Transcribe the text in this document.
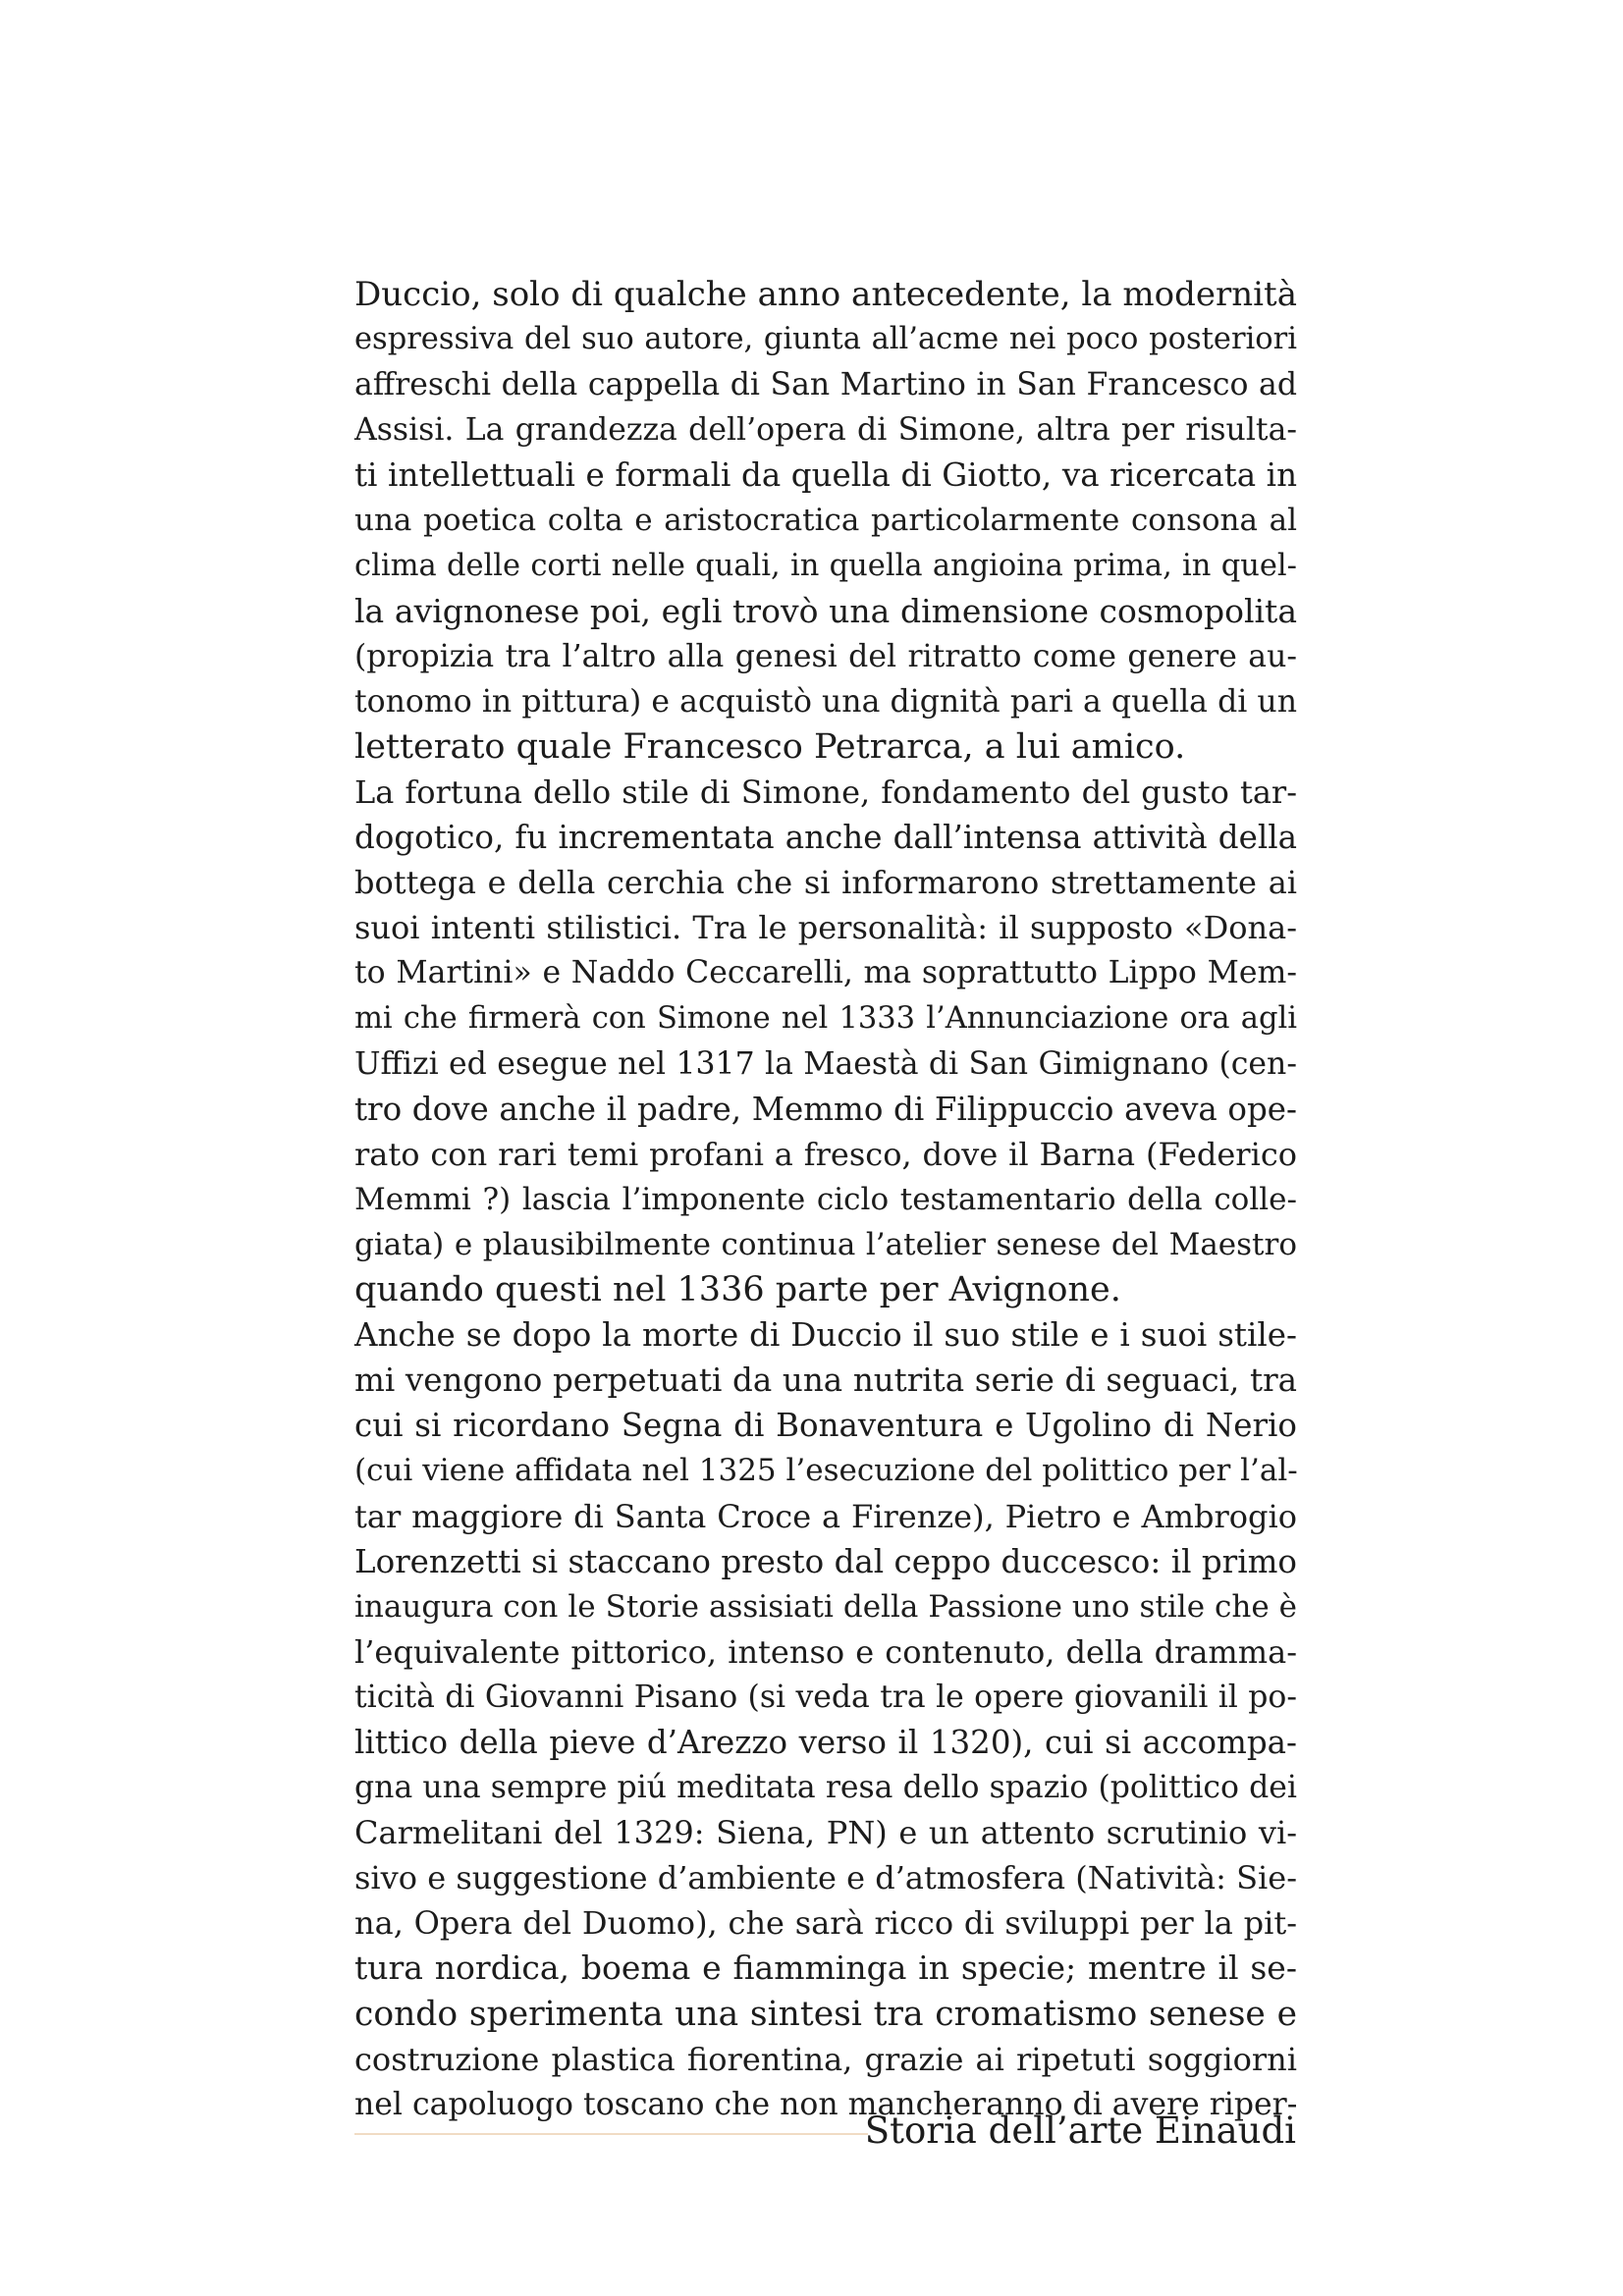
Duccio, solo di qualche anno antecedente, la modernità
espressiva del suo autore, giunta all’acme nei poco posteriori
affreschi della cappella di San Martino in San Francesco ad
Assisi. La grandezza dell’opera di Simone, altra per risulta-
ti intellettuali e formali da quella di Giotto, va ricercata in
una poetica colta e aristocratica particolarmente consona al
clima delle corti nelle quali, in quella angioina prima, in quel-
la avignonese poi, egli trovò una dimensione cosmopolita
(propizia tra l’altro alla genesi del ritratto come genere au-
tonomo in pittura) e acquistò una dignità pari a quella di un
letterato quale Francesco Petrarca, a lui amico.
La fortuna dello stile di Simone, fondamento del gusto tar-
dogotico, fu incrementata anche dall’intensa attività della
bottega e della cerchia che si informarono strettamente ai
suoi intenti stilistici. Tra le personalità: il supposto «Dona-
to Martini» e Naddo Ceccarelli, ma soprattutto Lippo Mem-
mi che firmerà con Simone nel 1333 l’Annunciazione ora agli
Uffizi ed esegue nel 1317 la Maestà di San Gimignano (cen-
tro dove anche il padre, Memmo di Filippuccio aveva ope-
rato con rari temi profani a fresco, dove il Barna (Federico
Memmi ?) lascia l’imponente ciclo testamentario della colle-
giata) e plausibilmente continua l’atelier senese del Maestro
quando questi nel 1336 parte per Avignone.
Anche se dopo la morte di Duccio il suo stile e i suoi stile-
mi vengono perpetuati da una nutrita serie di seguaci, tra
cui si ricordano Segna di Bonaventura e Ugolino di Nerio
(cui viene affidata nel 1325 l’esecuzione del polittico per l’al-
tar maggiore di Santa Croce a Firenze), Pietro e Ambrogio
Lorenzetti si staccano presto dal ceppo duccesco: il primo
inaugura con le Storie assisiati della Passione uno stile che è
l’equivalente pittorico, intenso e contenuto, della dramma-
ticità di Giovanni Pisano (si veda tra le opere giovanili il po-
littico della pieve d’Arezzo verso il 1320), cui si accompa-
gna una sempre piú meditata resa dello spazio (polittico dei
Carmelitani del 1329: Siena, PN) e un attento scrutinio vi-
sivo e suggestione d’ambiente e d’atmosfera (Natività: Sie-
na, Opera del Duomo), che sarà ricco di sviluppi per la pit-
tura nordica, boema e fiamminga in specie; mentre il se-
condo sperimenta una sintesi tra cromatismo senese e
costruzione plastica fiorentina, grazie ai ripetuti soggiorni
nel capoluogo toscano che non mancheranno di avere riper-
Storia dell’arte Einaudi
